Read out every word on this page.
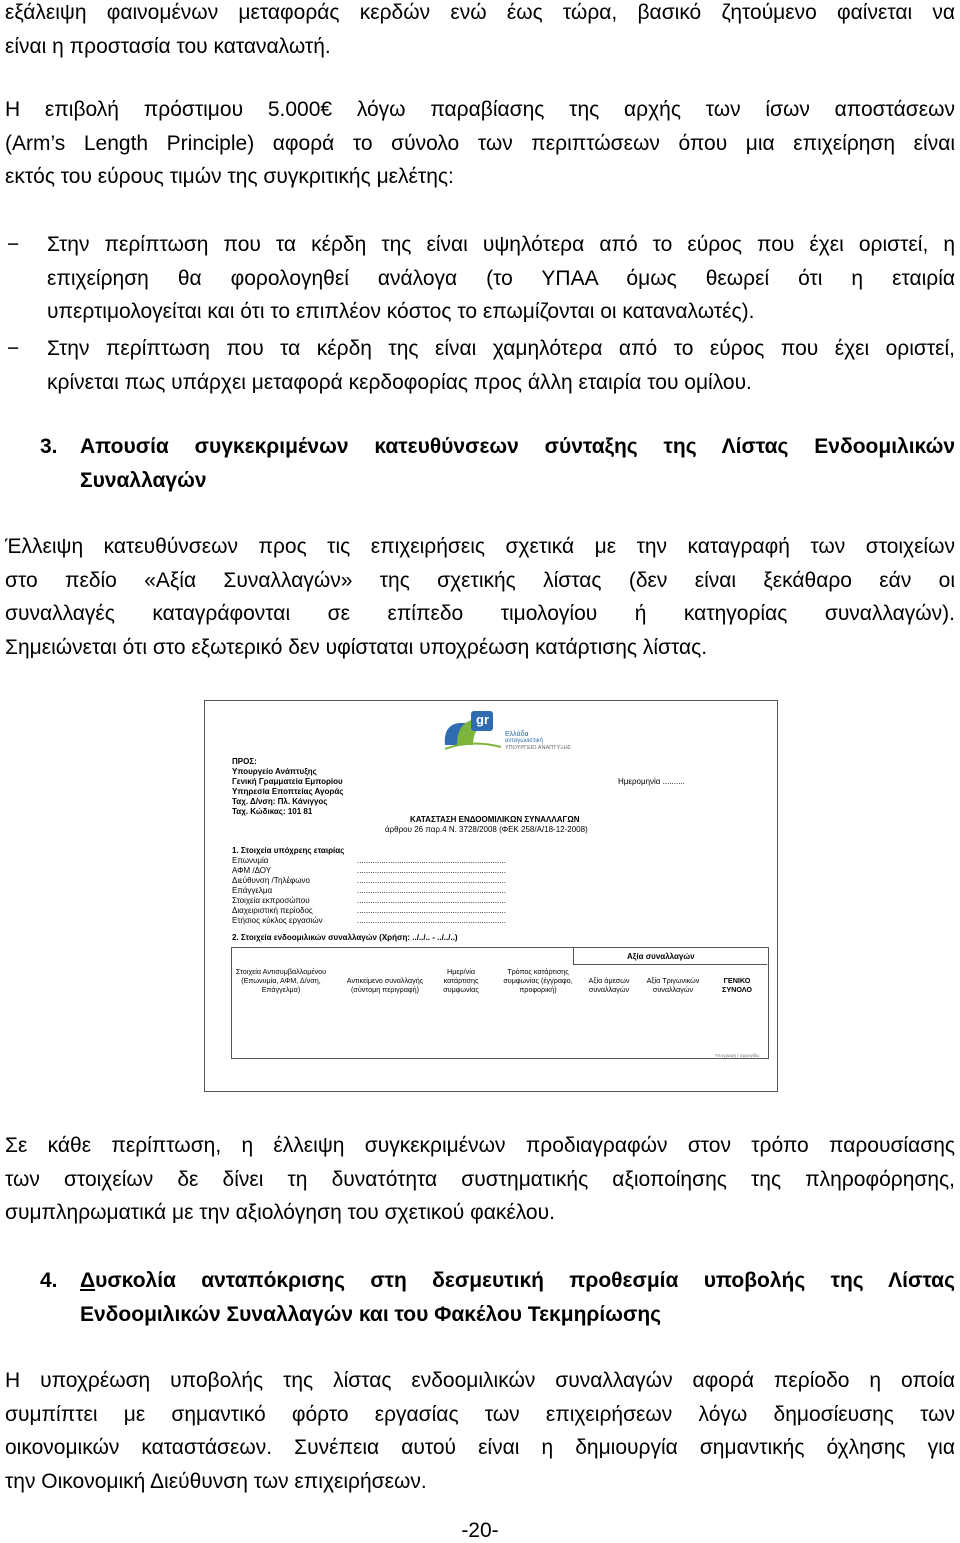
εξάλειψη φαινομένων μεταφοράς κερδών ενώ έως τώρα, βασικό ζητούμενο φαίνεται να
είναι η προστασία του καταναλωτή.
Η επιβολή πρόστιμου 5.000€ λόγω παραβίασης της αρχής των ίσων αποστάσεων
(Arm’s Length Principle) αφορά το σύνολο των περιπτώσεων όπου μια επιχείρηση είναι
εκτός του εύρους τιμών της συγκριτικής μελέτης:
− Στην περίπτωση που τα κέρδη της είναι υψηλότερα από το εύρος που έχει οριστεί, η
επιχείρηση θα φορολογηθεί ανάλογα (το ΥΠΑΑ όμως θεωρεί ότι η εταιρία
υπερτιμολογείται και ότι το επιπλέον κόστος το επωμίζονται οι καταναλωτές).
− Στην περίπτωση που τα κέρδη της είναι χαμηλότερα από το εύρος που έχει οριστεί,
κρίνεται πως υπάρχει μεταφορά κερδοφορίας προς άλλη εταιρία του ομίλου.
3. Απουσία συγκεκριμένων κατευθύνσεων σύνταξης της Λίστας Ενδοομιλικών
Συναλλαγών
Έλλειψη κατευθύνσεων προς τις επιχειρήσεις σχετικά με την καταγραφή των στοιχείων
στο πεδίο «Αξία Συναλλαγών» της σχετικής λίστας (δεν είναι ξεκάθαρο εάν οι
συναλλαγές καταγράφονται σε επίπεδο τιμολογίου ή κατηγορίας συναλλαγών).
Σημειώνεται ότι στο εξωτερικό δεν υφίσταται υποχρέωση κατάρτισης λίστας.
gr
Ελλάδα
ανταγωνιστική
ΥΠΟΥΡΓΕΙΟ ΑΝΑΠΤΥΞΗΣ
ΠΡΟΣ:
Υπουργείο Ανάπτυξης
Γενική Γραμματεία Εμπορίου
Υπηρεσία Εποπτείας Αγοράς
Ταχ. Δ/νση: Πλ. Κάνιγγος
Ταχ. Κώδικας: 101 81
Ημερομηνία ..........
ΚΑΤΑΣΤΑΣΗ ΕΝΔΟΟΜΙΛΙΚΩΝ ΣΥΝΑΛΛΑΓΩΝ
άρθρου 26 παρ.4 Ν. 3728/2008 (ΦΕΚ 258/Α/18-12-2008)
1. Στοιχεία υπόχρεης εταιρίας
Επωνυμία
ΑΦΜ /ΔΟΥ
Διεύθυνση /Τηλέφωνο
Επάγγελμα
Στοιχεία εκπροσώπου
Διαχειριστική περίοδος
Ετήσιος κύκλος εργασιών
...................................................................
...................................................................
...................................................................
...................................................................
...................................................................
...................................................................
...................................................................
2. Στοιχεία ενδοομιλικών συναλλαγών (Χρήση: ../../.. - ../../..)
Αξία συναλλαγών
Στοιχεία Αντισυμβαλλομένου (Επωνυμία, ΑΦΜ, Δ/νση, Επάγγελμα)
Αντικείμενο συναλλαγής (σύντομη περιγραφή)
Ημερ/νία κατάρτισης συμφωνίας
Τρόπος κατάρτισης συμφωνίας (έγγραφο, προφορική)
Αξία άμεσων συναλλαγών
Αξία Τριγωνικών συναλλαγών
ΓΕΝΙΚΟ ΣΥΝΟΛΟ
Υπογραφή / σφραγίδα
Σε κάθε περίπτωση, η έλλειψη συγκεκριμένων προδιαγραφών στον τρόπο παρουσίασης
των στοιχείων δε δίνει τη δυνατότητα συστηματικής αξιοποίησης της πληροφόρησης,
συμπληρωματικά με την αξιολόγηση του σχετικού φακέλου.
4. Δυσκολία ανταπόκρισης στη δεσμευτική προθεσμία υποβολής της Λίστας
Ενδοομιλικών Συναλλαγών και του Φακέλου Τεκμηρίωσης
Η υποχρέωση υποβολής της λίστας ενδοομιλικών συναλλαγών αφορά περίοδο η οποία
συμπίπτει με σημαντικό φόρτο εργασίας των επιχειρήσεων λόγω δημοσίευσης των
οικονομικών καταστάσεων. Συνέπεια αυτού είναι η δημιουργία σημαντικής όχλησης για
την Οικονομική Διεύθυνση των επιχειρήσεων.
-20-
